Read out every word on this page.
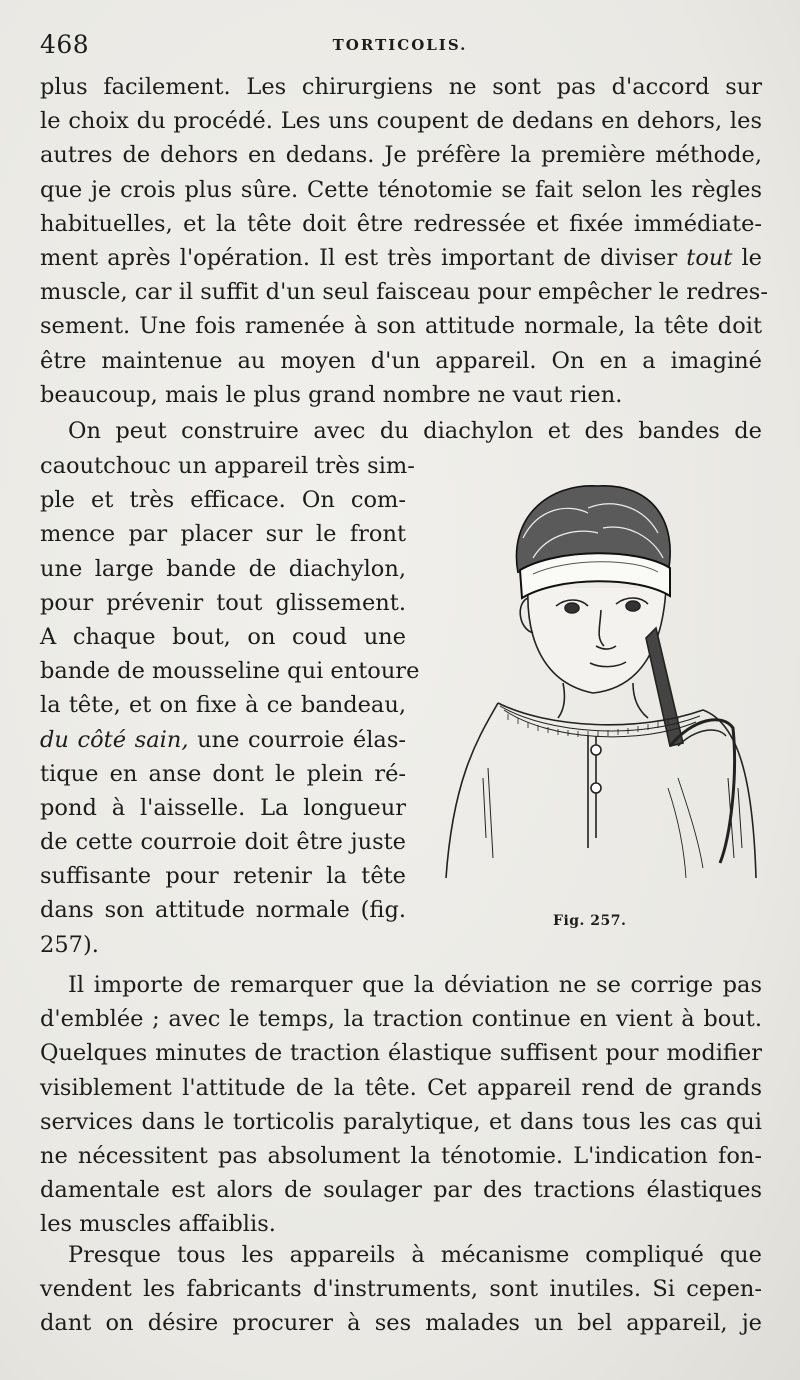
468	TORTICOLIS.
plus facilement. Les chirurgiens ne sont pas d'accord sur
le choix du procédé. Les uns coupent de dedans en dehors, les
autres de dehors en dedans. Je préfère la première méthode,
que je crois plus sûre. Cette ténotomie se fait selon les règles
habituelles, et la tête doit être redressée et fixée immédiate-
ment après l'opération. Il est très important de diviser tout le
muscle, car il suffit d'un seul faisceau pour empêcher le redres-
sement. Une fois ramenée à son attitude normale, la tête doit
être maintenue au moyen d'un appareil. On en a imaginé
beaucoup, mais le plus grand nombre ne vaut rien.
On peut construire avec du diachylon et des bandes de
caoutchouc un appareil très sim-
ple et très efficace. On com-
mence par placer sur le front
une large bande de diachylon,
pour prévenir tout glissement.
A chaque bout, on coud une
bande de mousseline qui entoure
la tête, et on fixe à ce bandeau,
du côté sain, une courroie élas-
tique en anse dont le plein ré-
pond à l'aisselle. La longueur
de cette courroie doit être juste
suffisante pour retenir la tête
dans son attitude normale (fig.
257).
Fig. 257.
Il importe de remarquer que la déviation ne se corrige pas
d'emblée ; avec le temps, la traction continue en vient à bout.
Quelques minutes de traction élastique suffisent pour modifier
visiblement l'attitude de la tête. Cet appareil rend de grands
services dans le torticolis paralytique, et dans tous les cas qui
ne nécessitent pas absolument la ténotomie. L'indication fon-
damentale est alors de soulager par des tractions élastiques
les muscles affaiblis.
Presque tous les appareils à mécanisme compliqué que
vendent les fabricants d'instruments, sont inutiles. Si cepen-
dant on désire procurer à ses malades un bel appareil, je
